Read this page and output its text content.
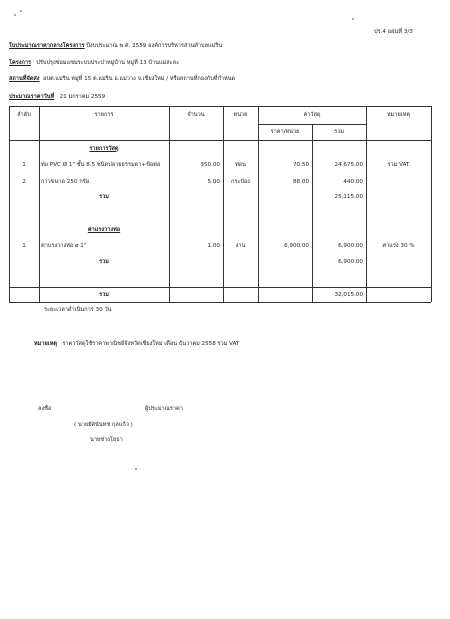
ปร.4 แผ่นที่ 3/3
ใบประมาณราคากลางโครงการ ปีงบประมาณ พ.ศ. 2559 องค์การบริหารส่วนตำบลแม่ริน
โครงการ ปรับปรุงซ่อมแซมระบบประปาหมู่บ้าน หมู่ที่ 13 บ้านแม่สะละ
สถานที่จัดส่ง อบต.แม่ริน หมู่ที่ 15 ต.แม่ริน อ.แม่วาง จ.เชียงใหม่ / หรือสถานที่กองกับที่กำหนด
ประมาณราคาวันที่ 21 มกราคม 2559
ลำดับ	รายการ	จำนวน	หน่วย	ค่าวัสดุ	หมายเหตุ
ราคา/หน่วย	รวม
รายการวัสดุ
1	ท่อ PVC Ø 1" ชั้น 8.5 ชนิดปลายธรรมดา+ข้อต่อ	350.00	ท่อน	70.50	24,675.00	รวม VAT
2	กาวขนาด 250 กรัม	5.00	กระป๋อง	88.00	440.00
รวม	25,115.00
ค่าแรงวางท่อ
1	ค่าแรงวางท่อ ø 1"	1.00	งาน	6,900.00	6,900.00	ค่าแรง 30 %
รวม	6,900.00
รวม	32,015.00
ระยะเวลาดำเนินการ 30 วัน
หมายเหตุ ราคาวัสดุใช้ราคาพาณิชย์จังหวัดเชียงใหม่ เดือน ธันวาคม 2558 รวม VAT
ลงชื่อ	ผู้ประมาณราคา
( นายยัศนันทช กุลแก้ว )
นายช่างโยธา
